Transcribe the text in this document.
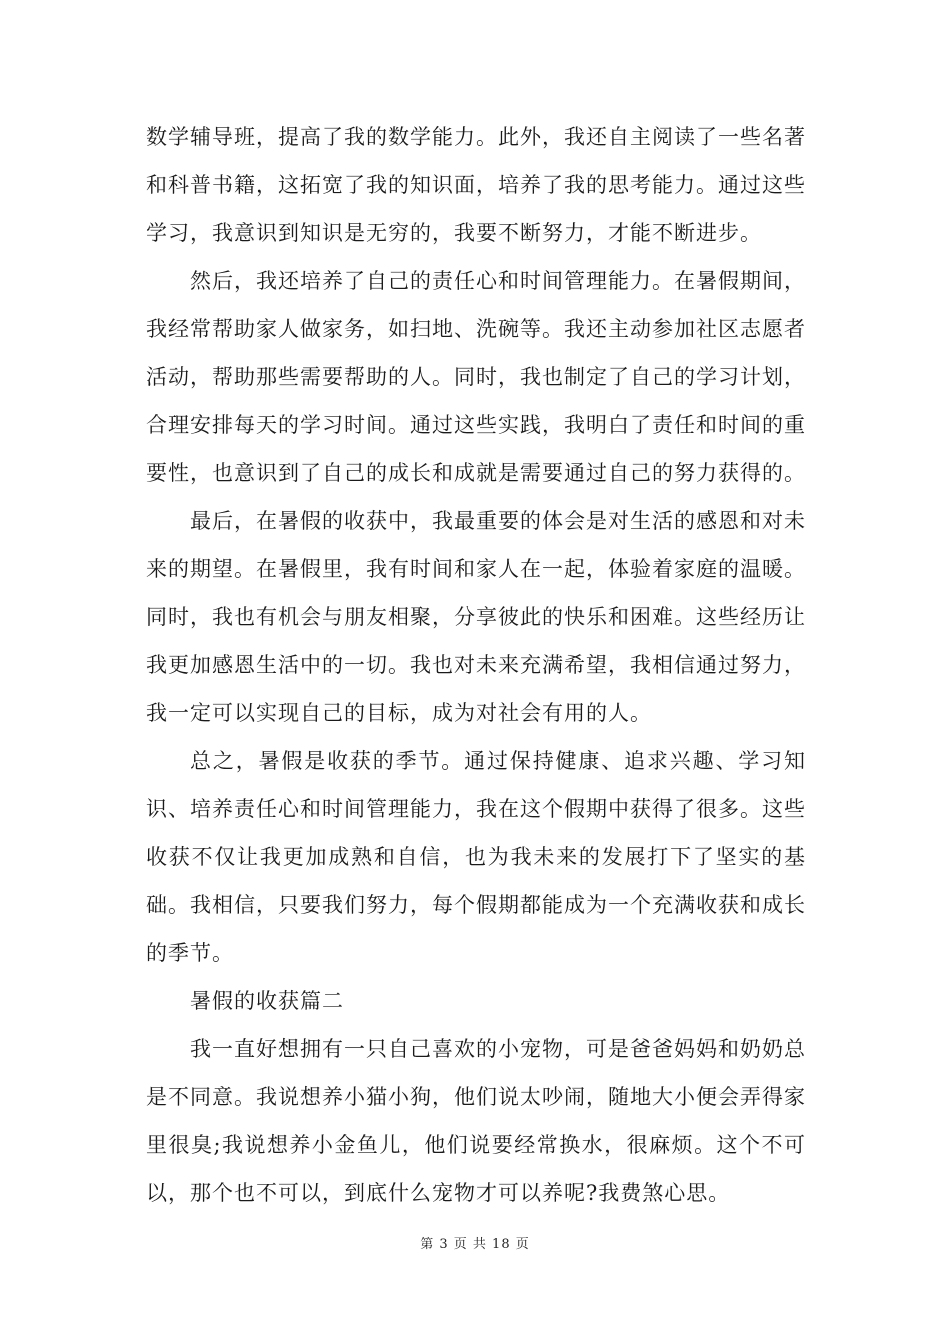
数学辅导班，提高了我的数学能力。此外，我还自主阅读了一些名著和科普书籍，这拓宽了我的知识面，培养了我的思考能力。通过这些学习，我意识到知识是无穷的，我要不断努力，才能不断进步。

然后，我还培养了自己的责任心和时间管理能力。在暑假期间，我经常帮助家人做家务，如扫地、洗碗等。我还主动参加社区志愿者活动，帮助那些需要帮助的人。同时，我也制定了自己的学习计划，合理安排每天的学习时间。通过这些实践，我明白了责任和时间的重要性，也意识到了自己的成长和成就是需要通过自己的努力获得的。

最后，在暑假的收获中，我最重要的体会是对生活的感恩和对未来的期望。在暑假里，我有时间和家人在一起，体验着家庭的温暖。同时，我也有机会与朋友相聚，分享彼此的快乐和困难。这些经历让我更加感恩生活中的一切。我也对未来充满希望，我相信通过努力，我一定可以实现自己的目标，成为对社会有用的人。

总之，暑假是收获的季节。通过保持健康、追求兴趣、学习知识、培养责任心和时间管理能力，我在这个假期中获得了很多。这些收获不仅让我更加成熟和自信，也为我未来的发展打下了坚实的基础。我相信，只要我们努力，每个假期都能成为一个充满收获和成长的季节。

暑假的收获篇二

我一直好想拥有一只自己喜欢的小宠物，可是爸爸妈妈和奶奶总是不同意。我说想养小猫小狗，他们说太吵闹，随地大小便会弄得家里很臭;我说想养小金鱼儿，他们说要经常换水，很麻烦。这个不可以，那个也不可以，到底什么宠物才可以养呢?我费煞心思。

第 3 页 共 18 页
